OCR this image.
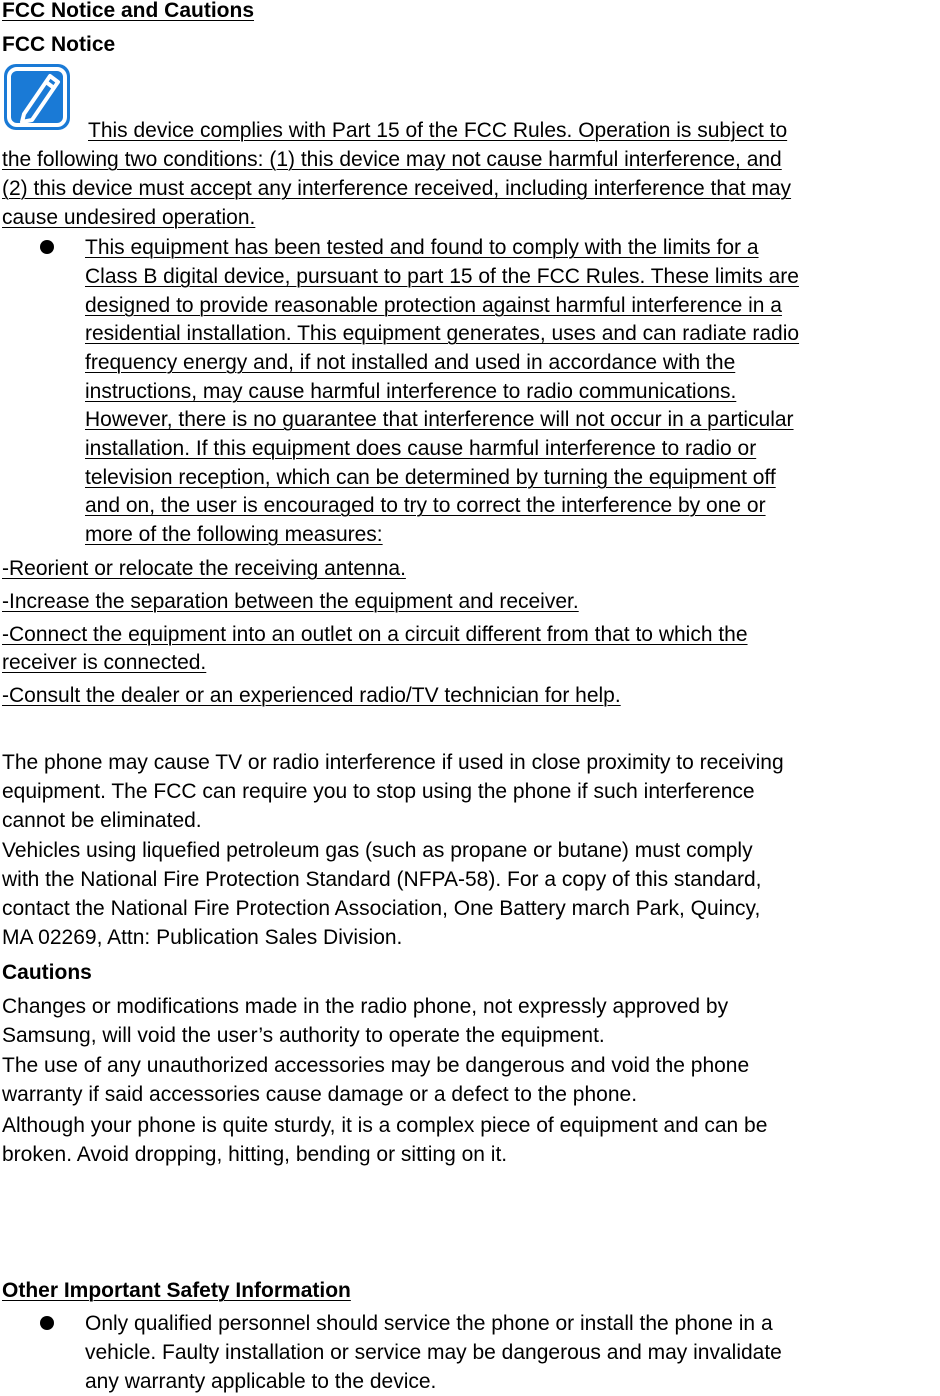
FCC Notice and Cautions
FCC Notice
This device complies with Part 15 of the FCC Rules. Operation is subject to
the following two conditions: (1) this device may not cause harmful interference, and
(2) this device must accept any interference received, including interference that may
cause undesired operation.
This equipment has been tested and found to comply with the limits for a
Class B digital device, pursuant to part 15 of the FCC Rules. These limits are
designed to provide reasonable protection against harmful interference in a
residential installation. This equipment generates, uses and can radiate radio
frequency energy and, if not installed and used in accordance with the
instructions, may cause harmful interference to radio communications.
However, there is no guarantee that interference will not occur in a particular
installation. If this equipment does cause harmful interference to radio or
television reception, which can be determined by turning the equipment off
and on, the user is encouraged to try to correct the interference by one or
more of the following measures:
-Reorient or relocate the receiving antenna.
-Increase the separation between the equipment and receiver.
-Connect the equipment into an outlet on a circuit different from that to which the
receiver is connected.
-Consult the dealer or an experienced radio/TV technician for help.
The phone may cause TV or radio interference if used in close proximity to receiving
equipment. The FCC can require you to stop using the phone if such interference
cannot be eliminated.
Vehicles using liquefied petroleum gas (such as propane or butane) must comply
with the National Fire Protection Standard (NFPA-58). For a copy of this standard,
contact the National Fire Protection Association, One Battery march Park, Quincy,
MA 02269, Attn: Publication Sales Division.
Cautions
Changes or modifications made in the radio phone, not expressly approved by
Samsung, will void the user’s authority to operate the equipment.
The use of any unauthorized accessories may be dangerous and void the phone
warranty if said accessories cause damage or a defect to the phone.
Although your phone is quite sturdy, it is a complex piece of equipment and can be
broken. Avoid dropping, hitting, bending or sitting on it.
Other Important Safety Information
Only qualified personnel should service the phone or install the phone in a
vehicle. Faulty installation or service may be dangerous and may invalidate
any warranty applicable to the device.
